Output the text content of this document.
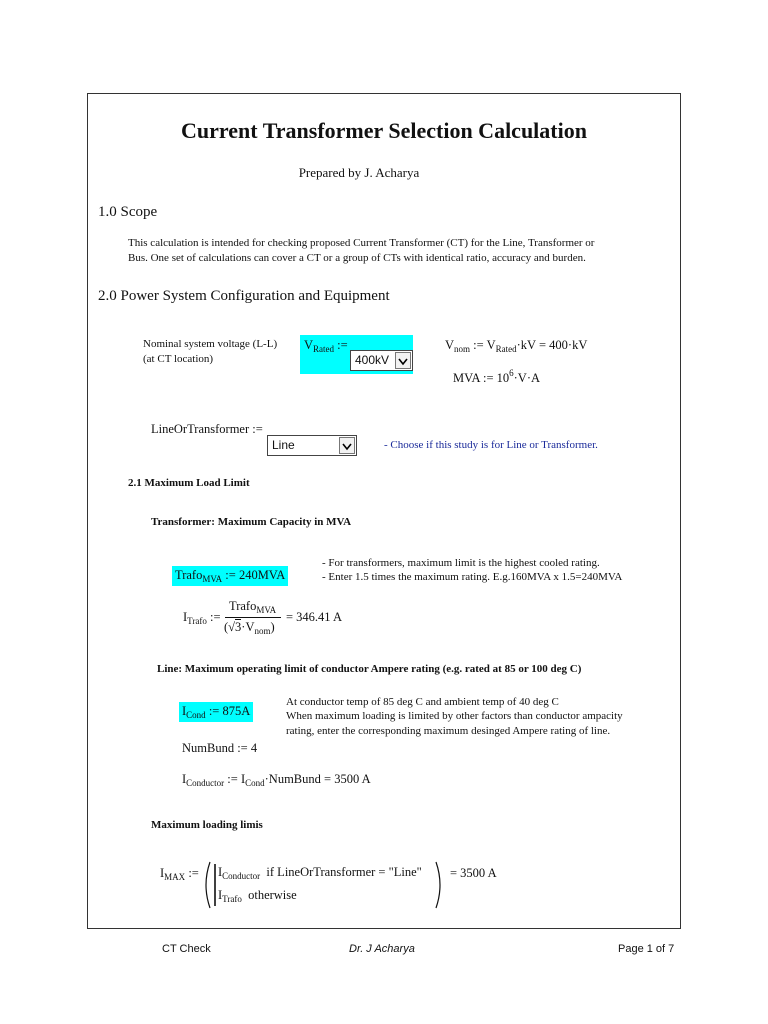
Current Transformer Selection Calculation
Prepared by J. Acharya
1.0 Scope
This calculation is intended for checking proposed Current Transformer (CT) for the Line, Transformer or
Bus. One set of calculations can cover a CT or a group of CTs with identical ratio, accuracy and burden.
2.0 Power System Configuration and Equipment
Nominal system voltage (L-L)
(at CT location)
$V_{Rated}$ :=
400kV
$V_{nom}$ := $V_{Rated}\cdot kV = 400\cdot kV$
MVA := $10^6\cdot V\cdot A$
LineOrTransformer :=
Line	- Choose if this study is for Line or Transformer.
2.1 Maximum Load Limit
Transformer: Maximum Capacity in MVA
- For transformers, maximum limit is the highest cooled rating.
- Enter 1.5 times the maximum rating. E.g.160MVA x 1.5=240MVA
Trafo$_{MVA}$ := 240MVA
$I_{Trafo}$ :=
Trafo$_{MVA}$
$(√3\cdot V_{nom})$
= 346.41 A
Line: Maximum operating limit of conductor Ampere rating (e.g. rated at 85 or 100 deg C)
$I_{Cond}$ := 875A
At conductor temp of 85 deg C and ambient temp of 40 deg C
When maximum loading is limited by other factors than conductor ampacity
rating, enter the corresponding maximum desinged Ampere rating of line.
NumBund := 4
$I_{Conductor}$ := $I_{Cond}\cdot NumBund = 3500$ A
Maximum loading limis
$I_{MAX}$ := $I_{Conductor}$ if LineOrTransformer = "Line"
$I_{Trafo}$ otherwise
= 3500 A
CT Check	Dr. J Acharya	Page 1 of 7
